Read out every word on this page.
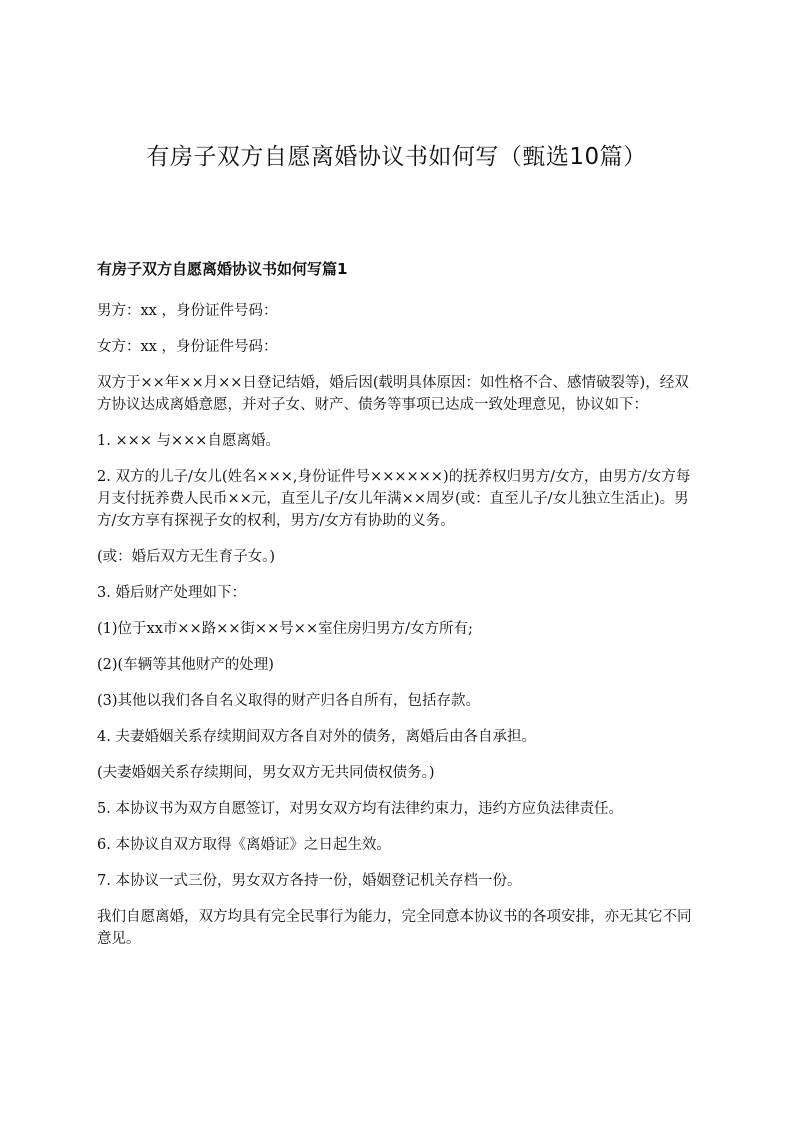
有房子双方自愿离婚协议书如何写（甄选10篇）
有房子双方自愿离婚协议书如何写篇1

男方：xx ，身份证件号码：

女方：xx ，身份证件号码：

双方于××年××月××日登记结婚，婚后因(载明具体原因：如性格不合、感情破裂等)，经双方协议达成离婚意愿，并对子女、财产、债务等事项已达成一致处理意见，协议如下：

1. ××× 与×××自愿离婚。

2. 双方的儿子/女儿(姓名×××,身份证件号××××××)的抚养权归男方/女方，由男方/女方每月支付抚养费人民币××元，直至儿子/女儿年满××周岁(或：直至儿子/女儿独立生活止)。男方/女方享有探视子女的权利，男方/女方有协助的义务。

(或：婚后双方无生育子女。)

3. 婚后财产处理如下：

(1)位于xx市××路××街××号××室住房归男方/女方所有;

(2)(车辆等其他财产的处理)

(3)其他以我们各自名义取得的财产归各自所有，包括存款。

4. 夫妻婚姻关系存续期间双方各自对外的债务，离婚后由各自承担。

(夫妻婚姻关系存续期间，男女双方无共同债权债务。)

5. 本协议书为双方自愿签订，对男女双方均有法律约束力，违约方应负法律责任。

6. 本协议自双方取得《离婚证》之日起生效。

7. 本协议一式三份，男女双方各持一份，婚姻登记机关存档一份。

我们自愿离婚，双方均具有完全民事行为能力，完全同意本协议书的各项安排，亦无其它不同意见。
